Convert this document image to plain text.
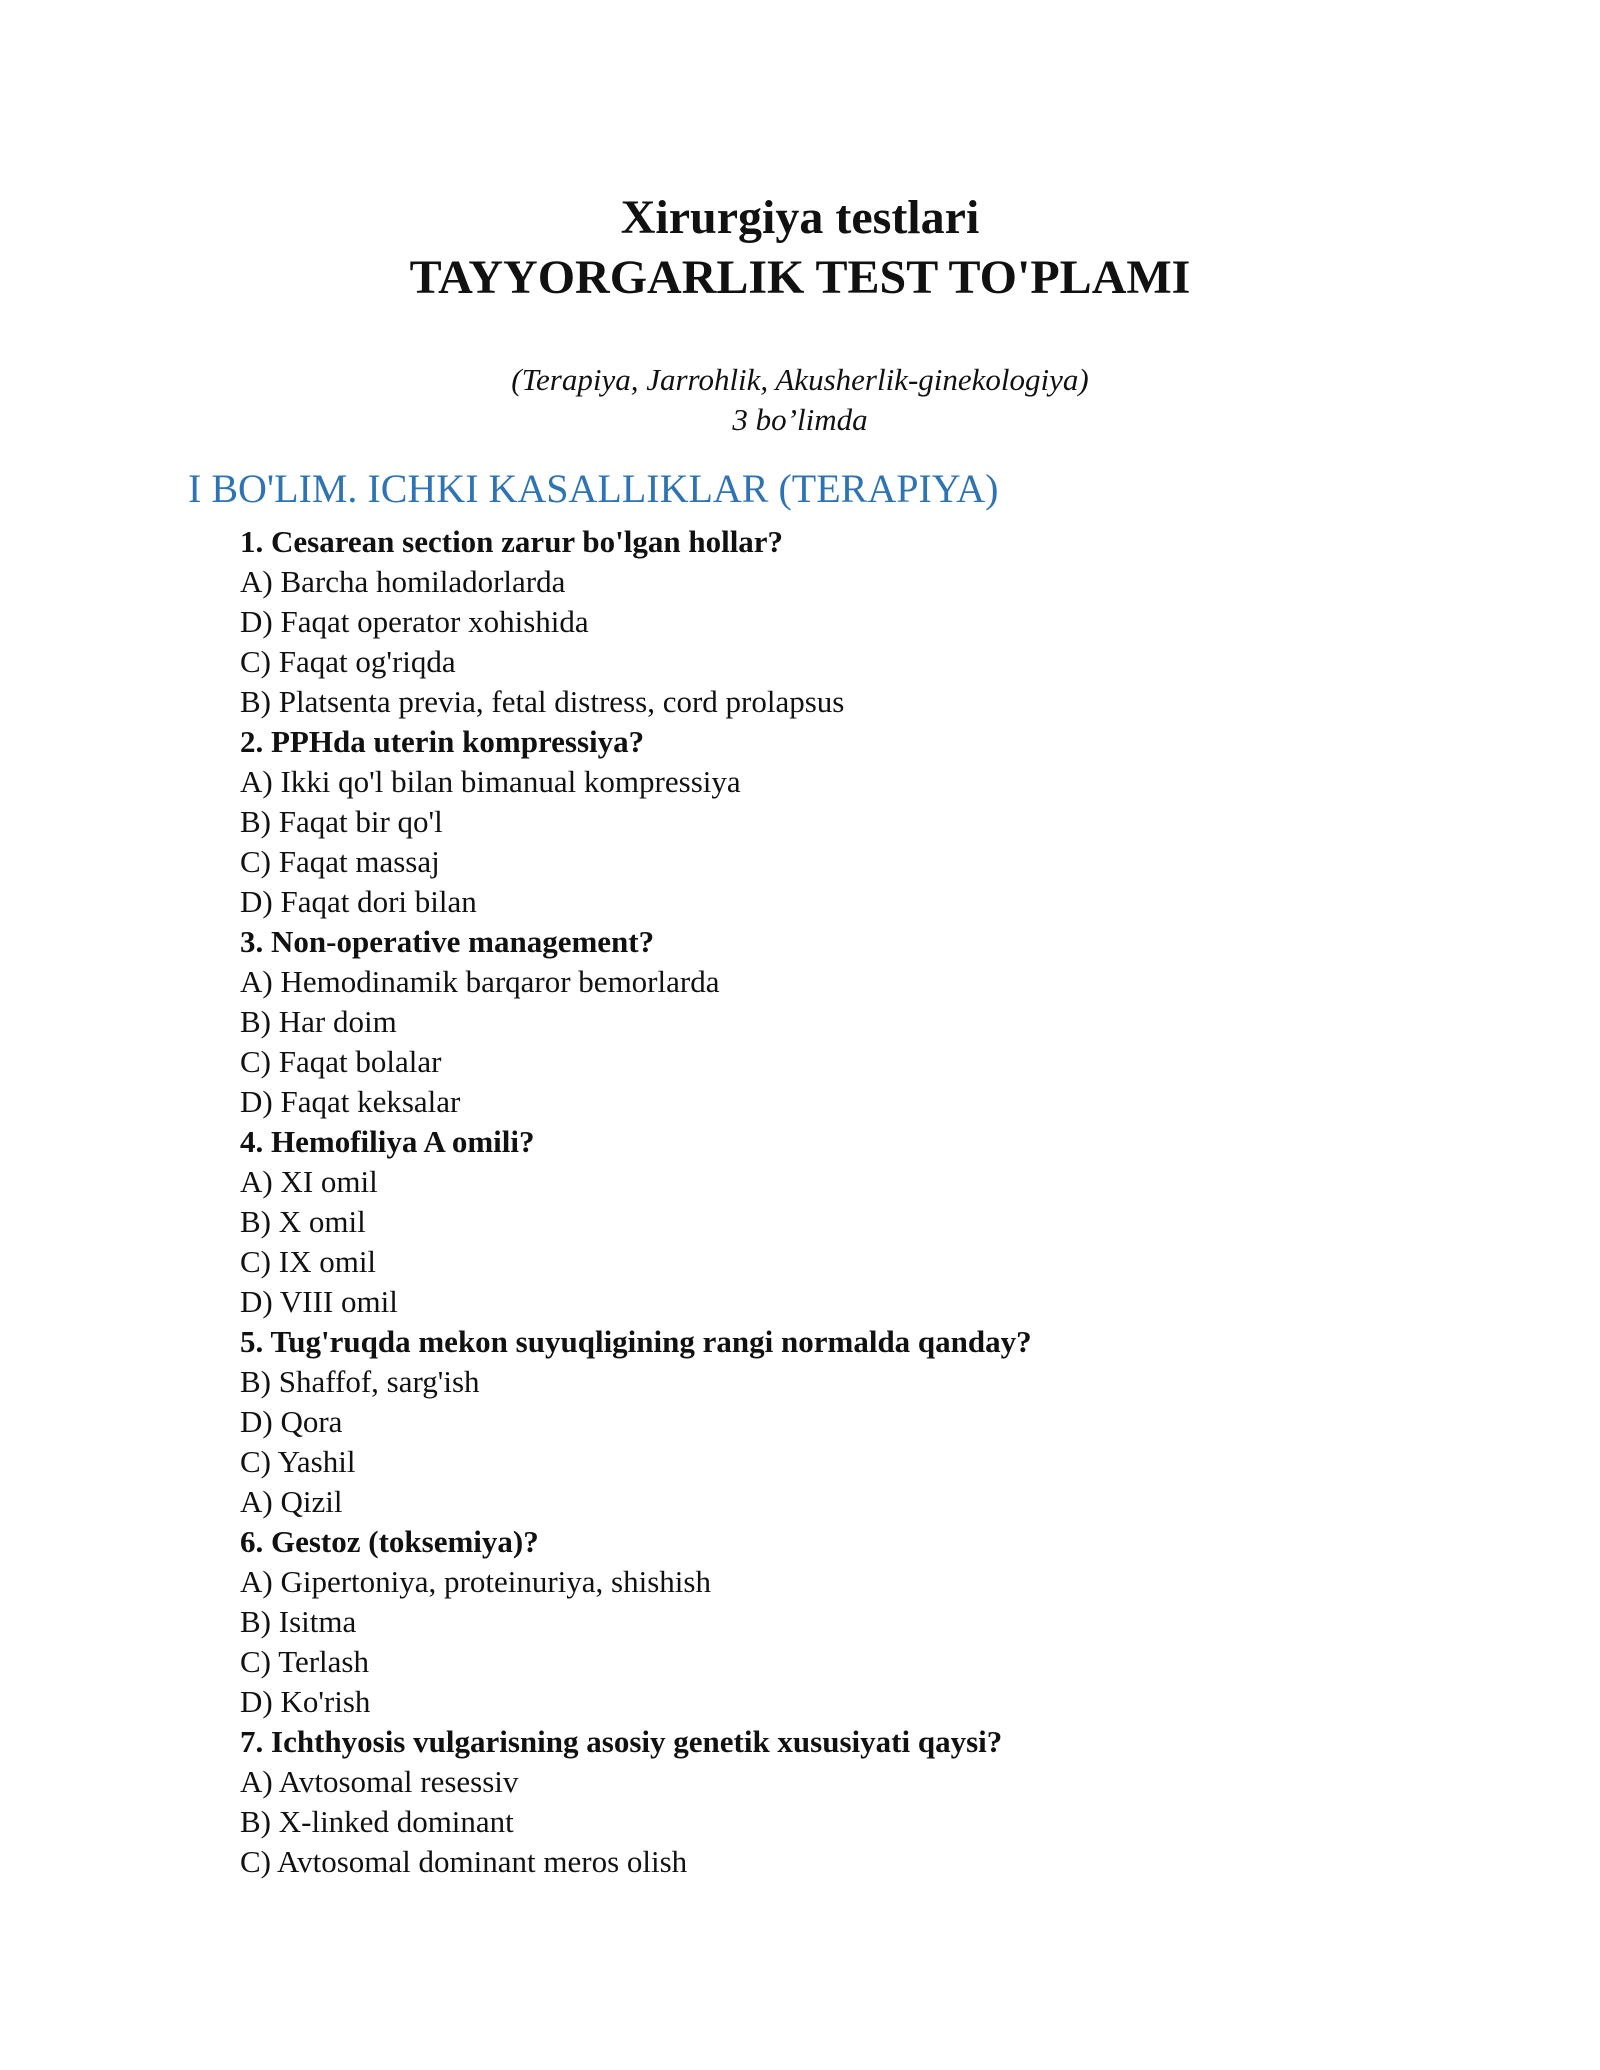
Xirurgiya testlari

TAYYORGARLIK TEST TO'PLAMI

(Terapiya, Jarrohlik, Akusherlik-ginekologiya)

3 bo’limda

I BO'LIM. ICHKI KASALLIKLAR (TERAPIYA)

1. Cesarean section zarur bo'lgan hollar?

A) Barcha homiladorlarda
D) Faqat operator xohishida
C) Faqat og'riqda
B) Platsenta previa, fetal distress, cord prolapsus

2. PPHda uterin kompressiya?

A) Ikki qo'l bilan bimanual kompressiya
B) Faqat bir qo'l
C) Faqat massaj
D) Faqat dori bilan

3. Non-operative management?

A) Hemodinamik barqaror bemorlarda
B) Har doim
C) Faqat bolalar
D) Faqat keksalar

4. Hemofiliya A omili?

A) XI omil
B) X omil
C) IX omil
D) VIII omil

5. Tug'ruqda mekon suyuqligining rangi normalda qanday?

B) Shaffof, sarg'ish
D) Qora
C) Yashil
A) Qizil

6. Gestoz (toksemiya)?

A) Gipertoniya, proteinuriya, shishish
B) Isitma
C) Terlash
D) Ko'rish

7. Ichthyosis vulgarisning asosiy genetik xususiyati qaysi?

A) Avtosomal resessiv
B) X-linked dominant
C) Avtosomal dominant meros olish
